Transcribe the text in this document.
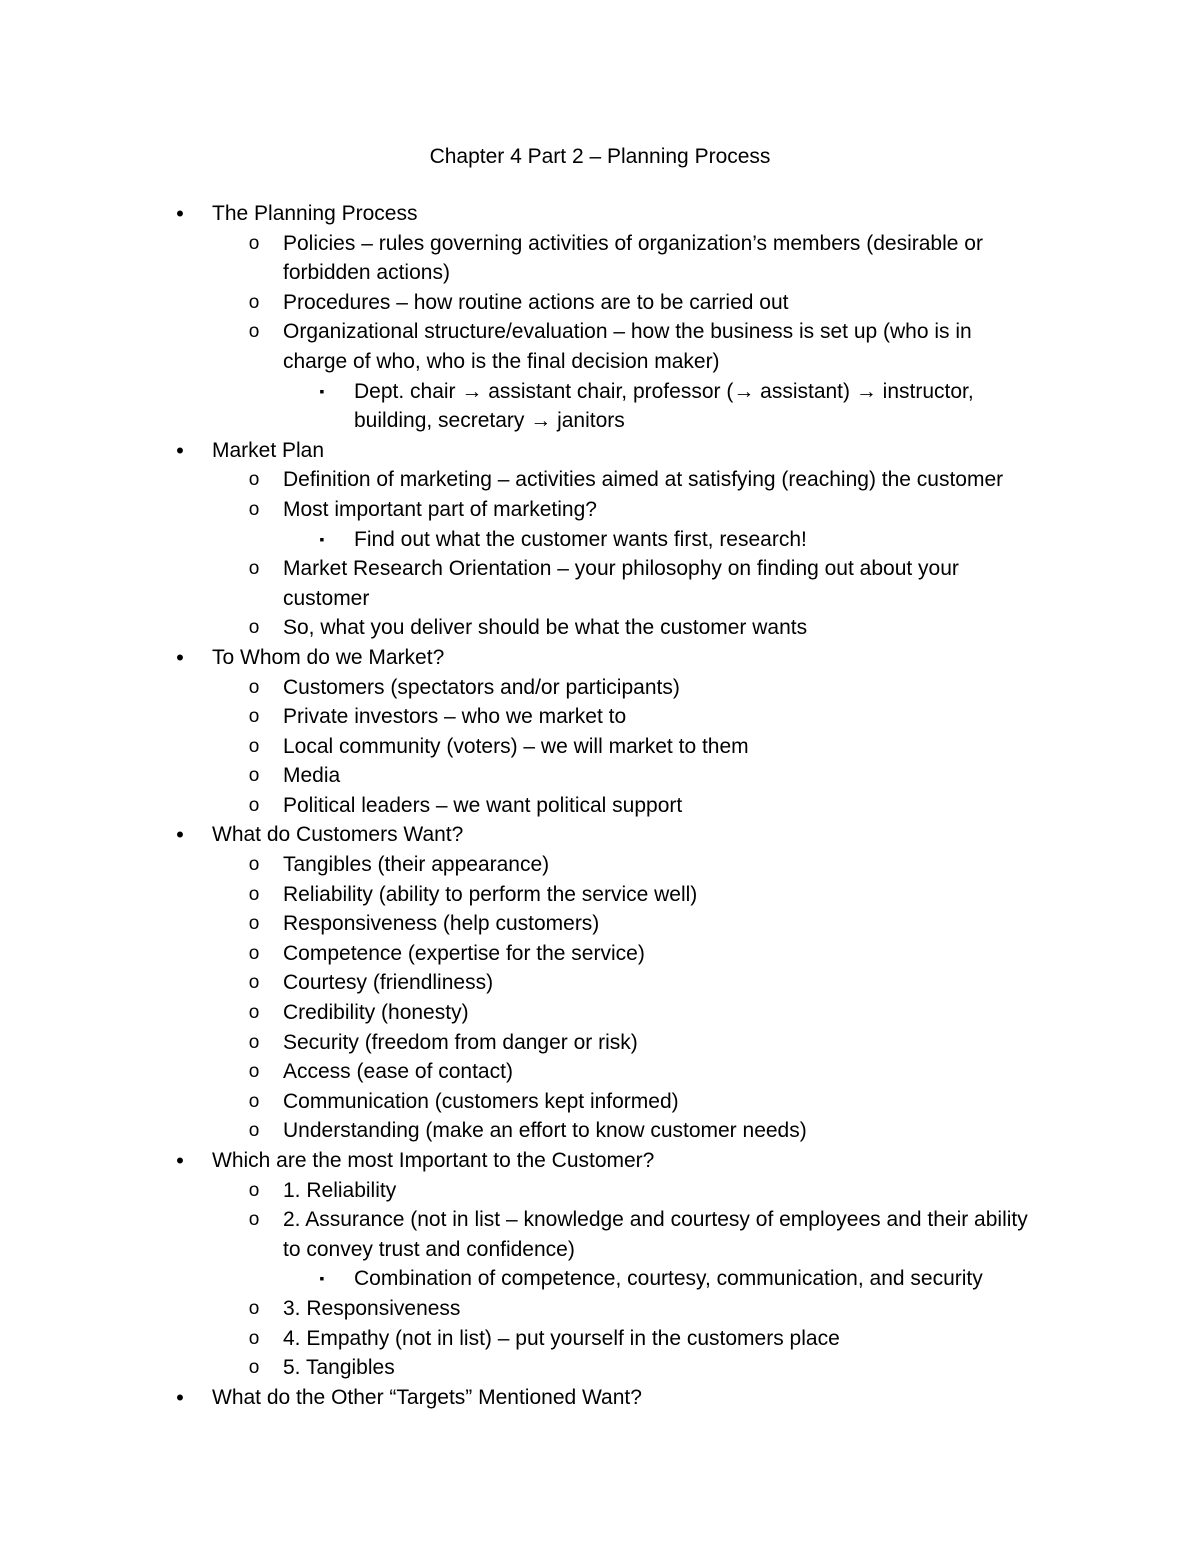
Chapter 4 Part 2 – Planning Process
• The Planning Process
o Policies – rules governing activities of organization’s members (desirable or
forbidden actions)
o Procedures – how routine actions are to be carried out
o Organizational structure/evaluation – how the business is set up (who is in
charge of who, who is the final decision maker)
▪	Dept. chair → assistant chair, professor (→ assistant) → instructor,
building, secretary → janitors
• Market Plan
o Definition of marketing – activities aimed at satisfying (reaching) the customer
o Most important part of marketing?
▪	Find out what the customer wants first, research!
o Market Research Orientation – your philosophy on finding out about your
customer
o So, what you deliver should be what the customer wants
• To Whom do we Market?
o Customers (spectators and/or participants)
o Private investors – who we market to
o Local community (voters) – we will market to them
o Media
o Political leaders – we want political support
• What do Customers Want?
o Tangibles (their appearance)
o Reliability (ability to perform the service well)
o Responsiveness (help customers)
o Competence (expertise for the service)
o Courtesy (friendliness)
o Credibility (honesty)
o Security (freedom from danger or risk)
o Access (ease of contact)
o Communication (customers kept informed)
o Understanding (make an effort to know customer needs)
• Which are the most Important to the Customer?
o 1. Reliability
o 2. Assurance (not in list – knowledge and courtesy of employees and their ability
to convey trust and confidence)
▪	Combination of competence, courtesy, communication, and security
o 3. Responsiveness
o 4. Empathy (not in list) – put yourself in the customers place
o 5. Tangibles
• What do the Other “Targets” Mentioned Want?
